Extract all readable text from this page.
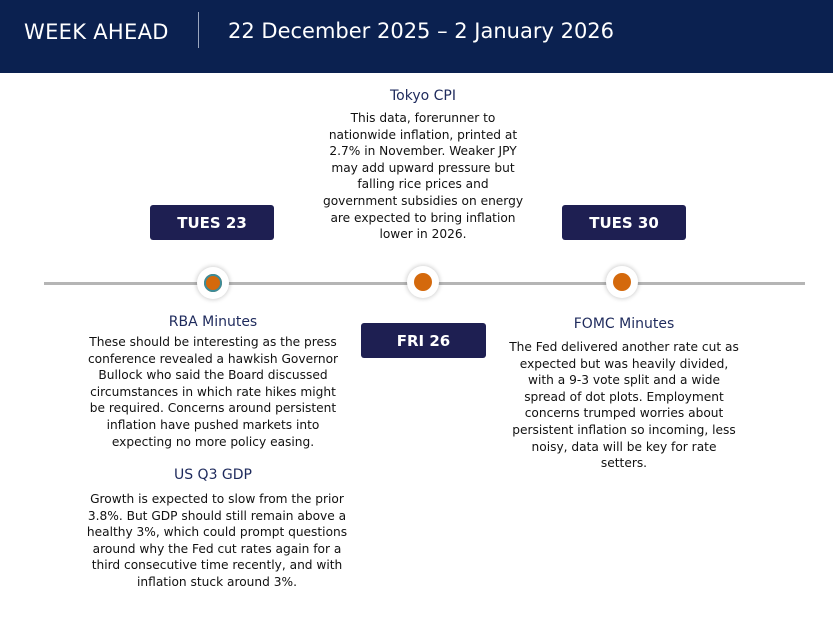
WEEK AHEAD	22 December 2025 – 2 January 2026
Tokyo CPI
This data, forerunner to nationwide inflation, printed at 2.7% in November. Weaker JPY may add upward pressure but falling rice prices and government subsidies on energy are expected to bring inflation lower in 2026.
TUES 23	TUES 30
FRI 26
RBA Minutes
These should be interesting as the press conference revealed a hawkish Governor Bullock who said the Board discussed circumstances in which rate hikes might be required. Concerns around persistent inflation have pushed markets into expecting no more policy easing.
US Q3 GDP
Growth is expected to slow from the prior 3.8%. But GDP should still remain above a healthy 3%, which could prompt questions around why the Fed cut rates again for a third consecutive time recently, and with inflation stuck around 3%.
FOMC Minutes
The Fed delivered another rate cut as expected but was heavily divided, with a 9-3 vote split and a wide spread of dot plots. Employment concerns trumped worries about persistent inflation so incoming, less noisy, data will be key for rate setters.
